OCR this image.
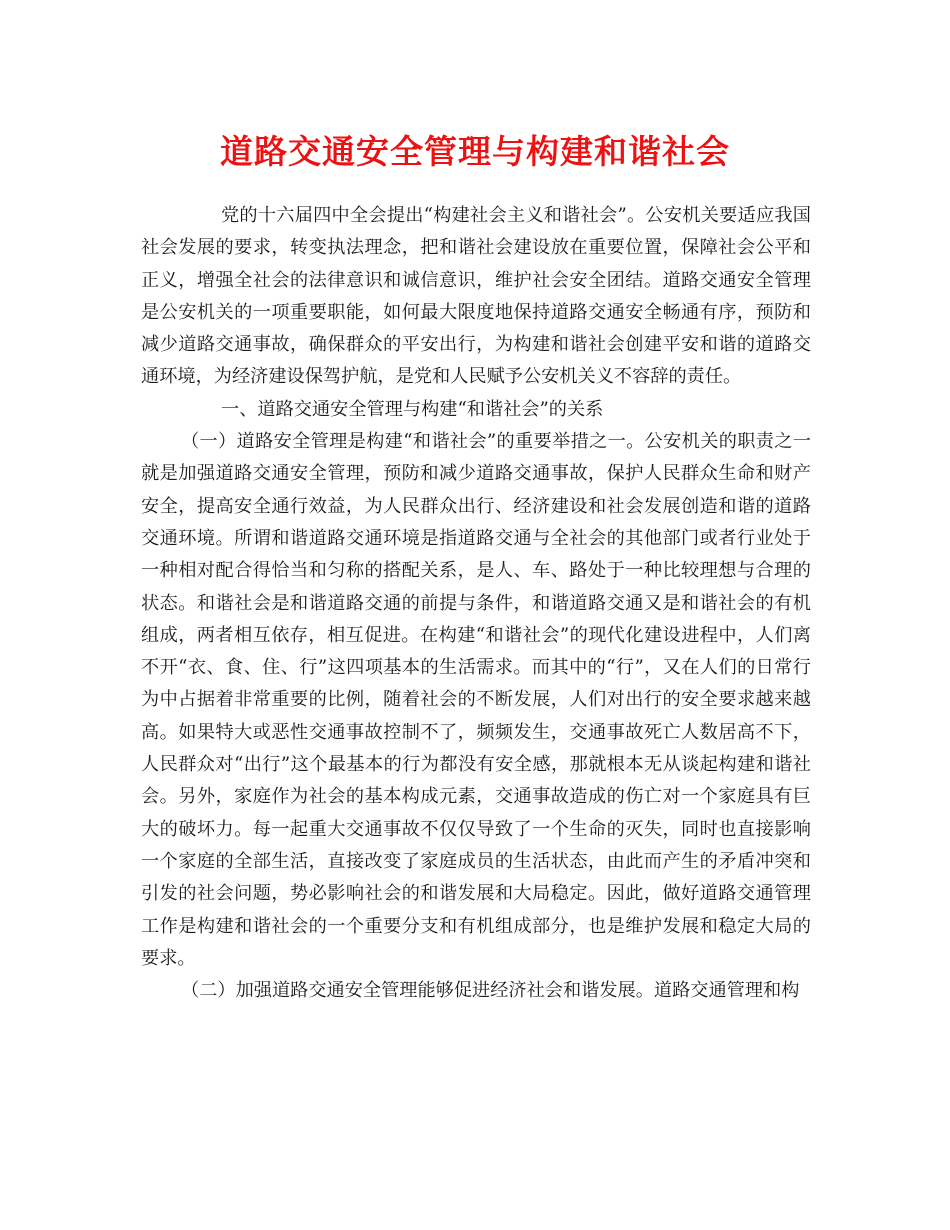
道路交通安全管理与构建和谐社会

党的十六届四中全会提出“构建社会主义和谐社会”。公安机关要适应我国社会发展的要求，转变执法理念，把和谐社会建设放在重要位置，保障社会公平和正义，增强全社会的法律意识和诚信意识，维护社会安全团结。道路交通安全管理是公安机关的一项重要职能，如何最大限度地保持道路交通安全畅通有序，预防和减少道路交通事故，确保群众的平安出行，为构建和谐社会创建平安和谐的道路交通环境，为经济建设保驾护航，是党和人民赋予公安机关义不容辞的责任。

一、道路交通安全管理与构建“和谐社会”的关系

（一）道路安全管理是构建“和谐社会”的重要举措之一。公安机关的职责之一就是加强道路交通安全管理，预防和减少道路交通事故，保护人民群众生命和财产安全，提高安全通行效益，为人民群众出行、经济建设和社会发展创造和谐的道路交通环境。所谓和谐道路交通环境是指道路交通与全社会的其他部门或者行业处于一种相对配合得恰当和匀称的搭配关系，是人、车、路处于一种比较理想与合理的状态。和谐社会是和谐道路交通的前提与条件，和谐道路交通又是和谐社会的有机组成，两者相互依存，相互促进。在构建“和谐社会”的现代化建设进程中，人们离不开“衣、食、住、行”这四项基本的生活需求。而其中的“行”，又在人们的日常行为中占据着非常重要的比例，随着社会的不断发展，人们对出行的安全要求越来越高。如果特大或恶性交通事故控制不了，频频发生，交通事故死亡人数居高不下，人民群众对“出行”这个最基本的行为都没有安全感，那就根本无从谈起构建和谐社会。另外，家庭作为社会的基本构成元素，交通事故造成的伤亡对一个家庭具有巨大的破坏力。每一起重大交通事故不仅仅导致了一个生命的灭失，同时也直接影响一个家庭的全部生活，直接改变了家庭成员的生活状态，由此而产生的矛盾冲突和引发的社会问题，势必影响社会的和谐发展和大局稳定。因此，做好道路交通管理工作是构建和谐社会的一个重要分支和有机组成部分，也是维护发展和稳定大局的要求。

（二）加强道路交通安全管理能够促进经济社会和谐发展。道路交通管理和构
